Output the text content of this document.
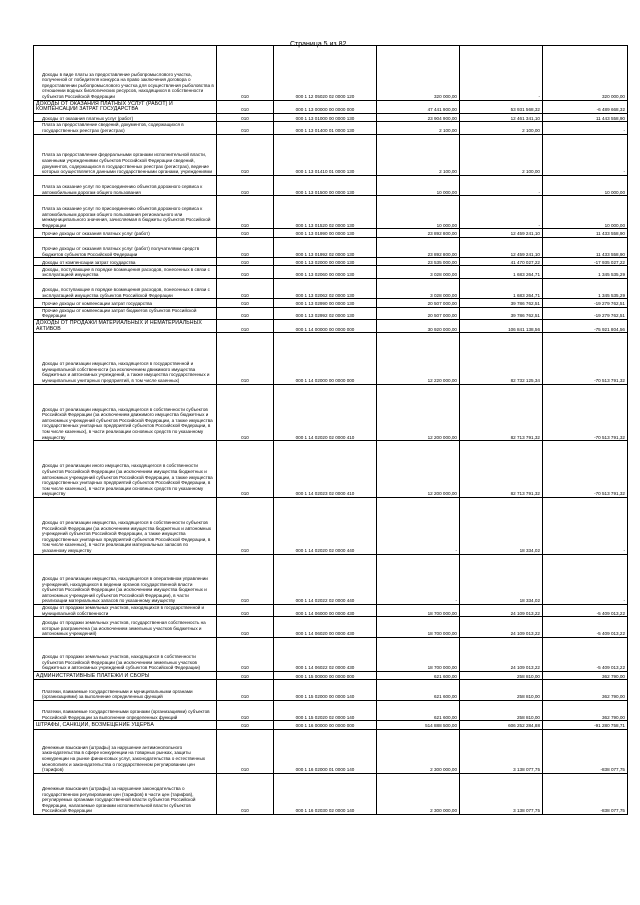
Страница 5 из 82
Доходы в виде платы за предоставление рыбопромыслового участка, полученной от победителя конкурса на право заключения договора о предоставлении рыбопромыслового участка для осуществления рыболовства в отношении водных биологических ресурсов, находящихся в собственности субъектов Российской Федерации	010	000 1 12 05020 02 0000 120	320 000,00	-	320 000,00
ДОХОДЫ ОТ ОКАЗАНИЯ ПЛАТНЫХ УСЛУГ (РАБОТ) И КОМПЕНСАЦИИ ЗАТРАТ ГОСУДАРСТВА	010	000 1 13 00000 00 0000 000	47 441 900,00	53 931 568,32	-6 489 668,32
Доходы от оказания платных услуг (работ)	010	000 1 13 01000 00 0000 130	23 904 900,00	12 461 341,10	11 443 558,90
Плата за предоставление сведений, документов, содержащихся в государственных реестрах (регистрах)	010	000 1 13 01400 01 0000 130	2 100,00	2 100,00	-
Плата за предоставление федеральными органами исполнительной власти, казенными учреждениями субъектов Российской Федерации сведений, документов, содержащихся в государственных реестрах (регистрах), ведение которых осуществляется данными государственными органами, учреждениями	010	000 1 13 01410 01 0000 130	2 100,00	2 100,00	-
Плата за оказание услуг по присоединению объектов дорожного сервиса к автомобильным дорогам общего пользования	010	000 1 13 01500 00 0000 130	10 000,00	-	10 000,00
Плата за оказание услуг по присоединению объектов дорожного сервиса к автомобильным дорогам общего пользования регионального или межмуниципального значения, зачисляемая в бюджеты субъектов Российской Федерации	010	000 1 13 01520 02 0000 130	10 000,00	-	10 000,00
Прочие доходы от оказания платных услуг (работ)	010	000 1 13 01990 00 0000 130	23 892 800,00	12 459 241,10	11 433 558,90
Прочие доходы от оказания платных услуг (работ) получателями средств бюджетов субъектов Российской Федерации	010	000 1 13 01992 02 0000 130	23 892 800,00	12 459 241,10	11 433 558,90
Доходы от компенсации затрат государства	010	000 1 13 02000 00 0000 130	23 535 000,00	41 470 027,22	-17 935 027,22
Доходы, поступающие в порядке возмещения расходов, понесенных в связи с эксплуатацией имущества	010	000 1 13 02060 00 0000 130	3 028 000,00	1 683 264,71	1 345 535,29
Доходы, поступающие в порядке возмещения расходов, понесенных в связи с эксплуатацией имущества субъектов Российской Федерации	010	000 1 13 02062 02 0000 130	3 028 000,00	1 683 264,71	1 345 535,29
Прочие доходы от компенсации затрат государства	010	000 1 13 02990 00 0000 130	20 507 000,00	39 786 762,51	-19 279 762,51
Прочие доходы от компенсации затрат бюджетов субъектов Российской Федерации	010	000 1 13 02992 02 0000 130	20 507 000,00	39 786 762,51	-19 279 762,51
ДОХОДЫ ОТ ПРОДАЖИ МАТЕРИАЛЬНЫХ И НЕМАТЕРИАЛЬНЫХ АКТИВОВ	010	000 1 14 00000 00 0000 000	30 920 000,00	106 841 138,56	-75 921 804,56
Доходы от реализации имущества, находящегося в государственной и муниципальной собственности (за исключением движимого имущества бюджетных и автономных учреждений, а также имущества государственных и муниципальных унитарных предприятий, в том числе казенных)	010	000 1 14 02000 00 0000 000	12 220 000,00	82 732 125,34	-70 513 791,32
Доходы от реализации имущества, находящегося в собственности субъектов Российской Федерации (за исключением движимого имущества бюджетных и автономных учреждений субъектов Российской Федерации, а также имущества государственных унитарных предприятий субъектов Российской Федерации, в том числе казенных), в части реализации основных средств по указанному имуществу	010	000 1 14 02020 02 0000 410	12 200 000,00	82 713 791,32	-70 513 791,32
Доходы от реализации иного имущества, находящегося в собственности субъектов Российской Федерации (за исключением имущества бюджетных и автономных учреждений субъектов Российской Федерации, а также имущества государственных унитарных предприятий субъектов Российской Федерации, в том числе казенных), в части реализации основных средств по указанному имуществу	010	000 1 14 02023 02 0000 410	12 200 000,00	82 713 791,32	-70 513 791,32
Доходы от реализации имущества, находящегося в собственности субъектов Российской Федерации (за исключением имущества бюджетных и автономных учреждений субъектов Российской Федерации, а также имущества государственных унитарных предприятий субъектов Российской Федерации, в том числе казенных), в части реализации материальных запасов по указанному имуществу	010	000 1 14 02020 02 0000 440	-	18 334,02	-
Доходы от реализации имущества, находящегося в оперативном управлении учреждений, находящихся в ведении органов государственной власти субъектов Российской Федерации (за исключением имущества бюджетных и автономных учреждений субъектов Российской Федерации), в части реализации материальных запасов по указанному имуществу	010	000 1 14 02022 02 0000 440	-	18 334,02	-
Доходы от продажи земельных участков, находящихся в государственной и муниципальной собственности	010	000 1 14 06000 00 0000 430	18 700 000,00	24 109 013,22	-5 409 013,22
Доходы от продажи земельных участков, государственная собственность на которые разграничена (за исключением земельных участков бюджетных и автономных учреждений)	010	000 1 14 06020 00 0000 430	18 700 000,00	24 109 013,22	-5 409 013,22
Доходы от продажи земельных участков, находящихся в собственности субъектов Российской Федерации (за исключением земельных участков бюджетных и автономных учреждений субъектов Российской Федерации)	010	000 1 14 06022 02 0000 430	18 700 000,00	24 109 013,22	-5 409 013,22
АДМИНИСТРАТИВНЫЕ ПЛАТЕЖИ И СБОРЫ	010	000 1 15 00000 00 0000 000	621 600,00	258 810,00	362 790,00
Платежи, взимаемые государственными и муниципальными органами (организациями) за выполнение определенных функций	010	000 1 15 02000 00 0000 140	621 600,00	258 810,00	362 790,00
Платежи, взимаемые государственными органами (организациями) субъектов Российской Федерации за выполнение определенных функций	010	000 1 15 02020 02 0000 140	621 600,00	258 810,00	362 790,00
ШТРАФЫ, САНКЦИИ, ВОЗМЕЩЕНИЕ УЩЕРБА	010	000 1 16 00000 00 0000 000	514 888 500,00	606 252 284,88	-91 280 758,71
Денежные взыскания (штрафы) за нарушение антимонопольного законодательства в сфере конкуренции на товарных рынках, защиты конкуренции на рынке финансовых услуг, законодательства о естественных монополиях и законодательства о государственном регулировании цен (тарифов)	010	000 1 16 02000 01 0000 140	2 300 000,00	3 138 077,75	-838 077,75
Денежные взыскания (штрафы) за нарушение законодательства о государственном регулировании цен (тарифов) в части цен (тарифов), регулируемых органами государственной власти субъектов Российской Федерации, налагаемые органами исполнительной власти субъектов Российской Федерации	010	000 1 16 02030 02 0000 140	2 300 000,00	3 138 077,75	-838 077,75
